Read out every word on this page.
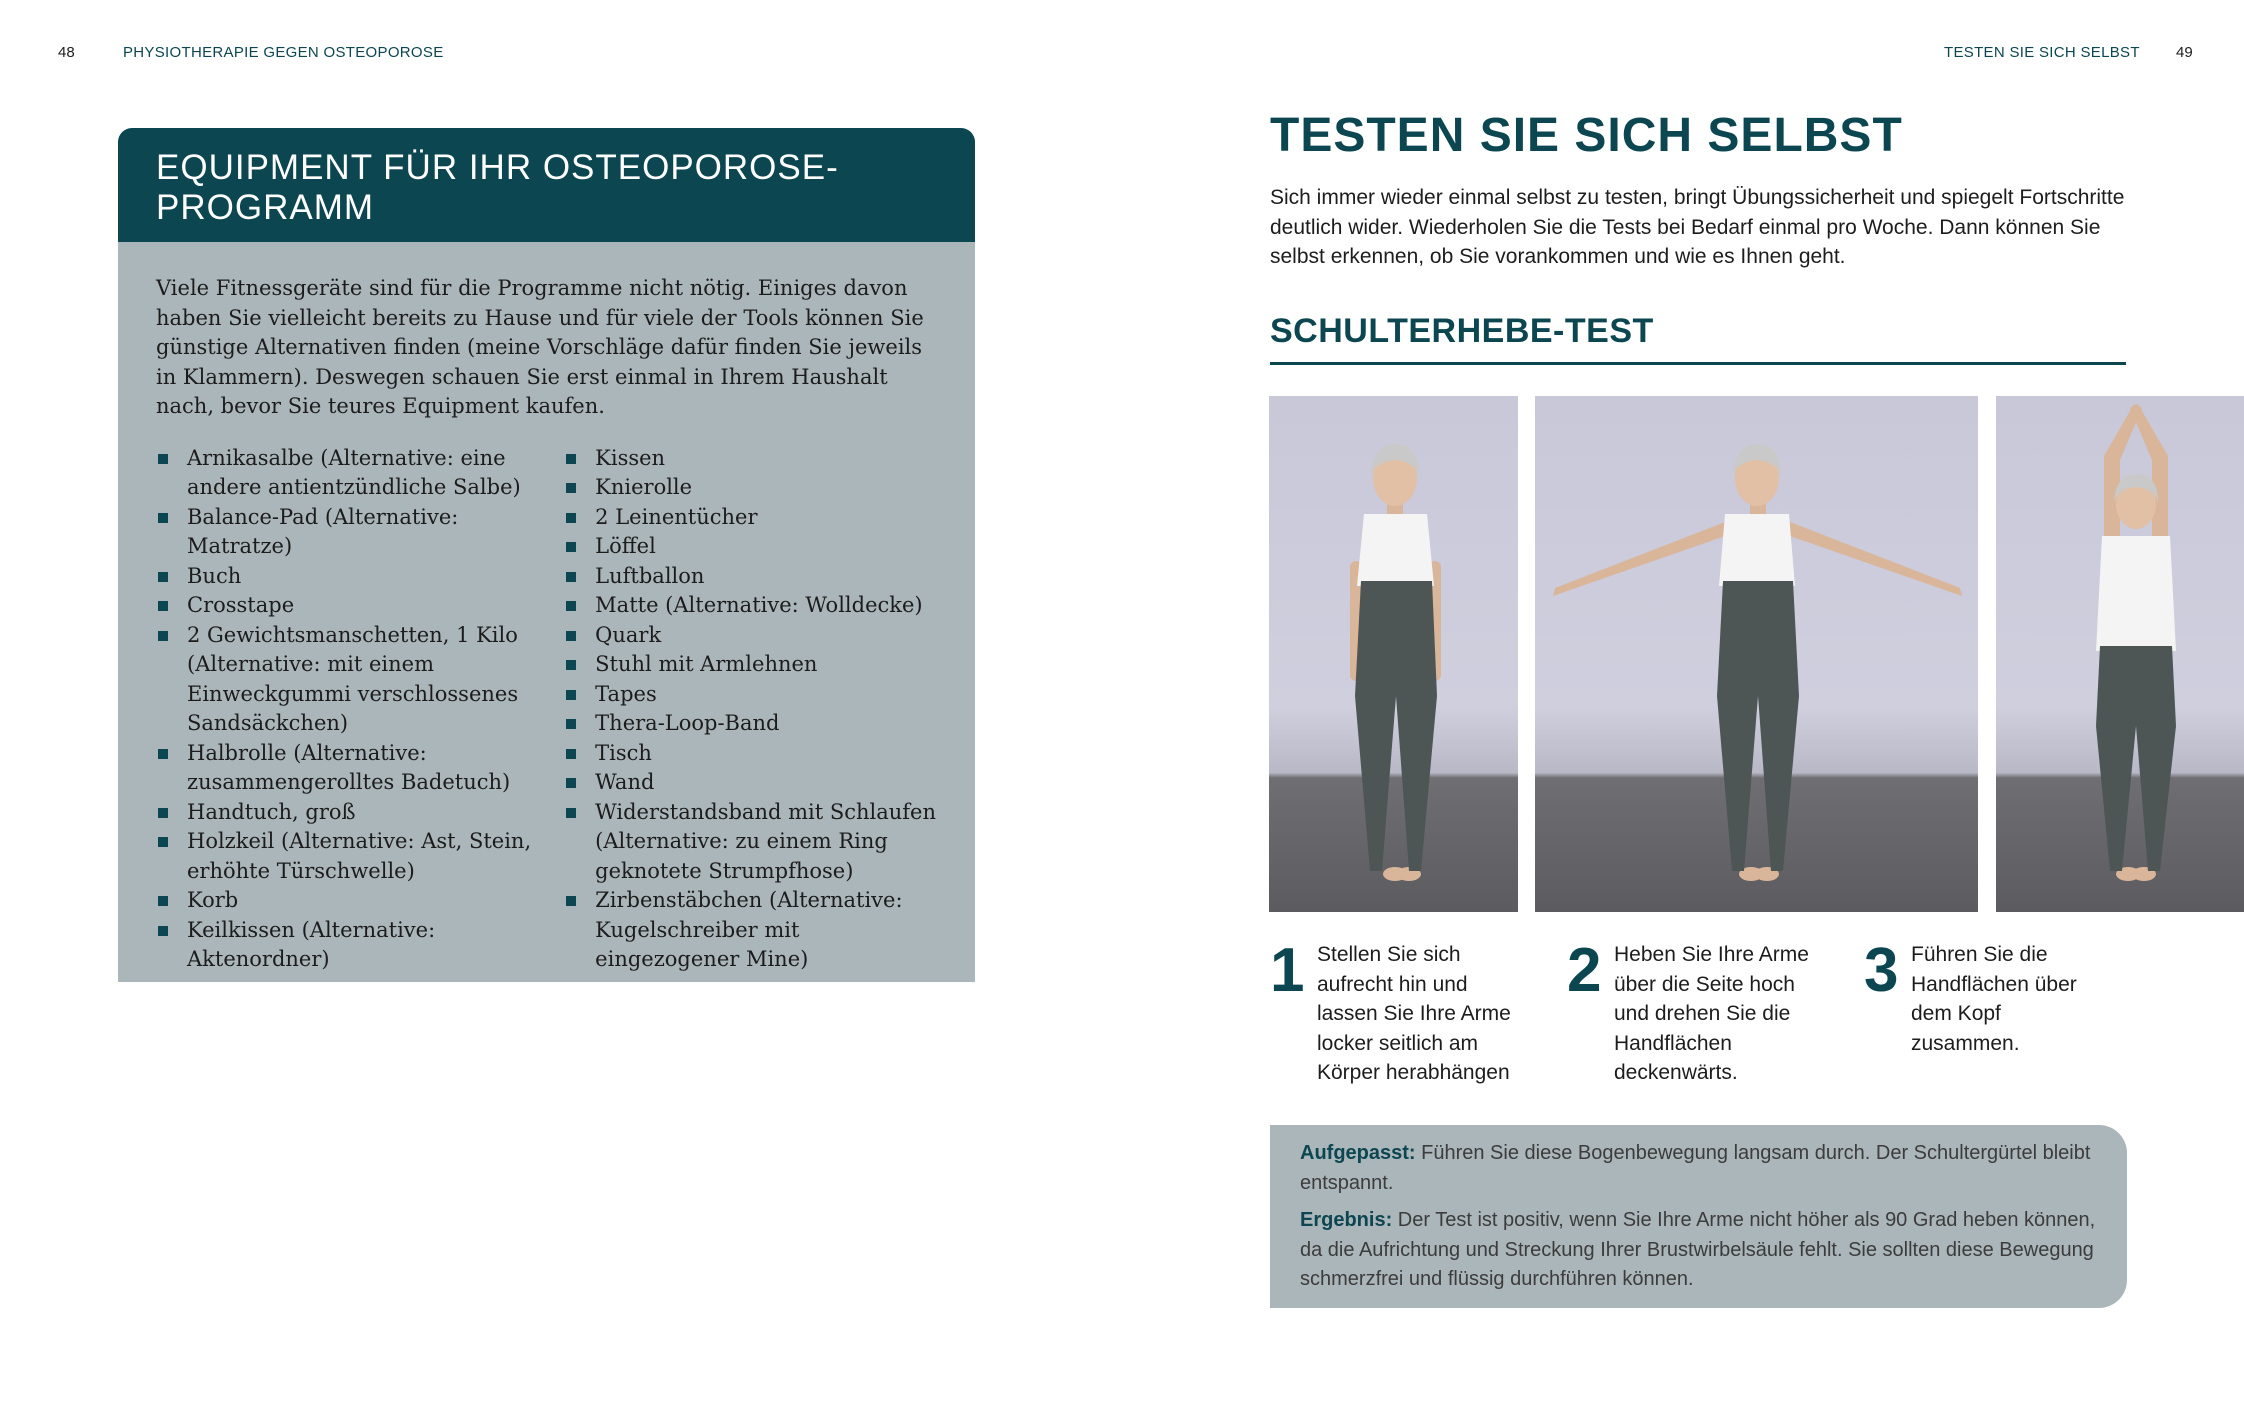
48	PHYSIOTHERAPIE GEGEN OSTEOPOROSE
EQUIPMENT FÜR IHR OSTEOPOROSE-
PROGRAMM

Viele Fitnessgeräte sind für die Programme nicht nötig. Einiges davon haben Sie vielleicht bereits zu Hause und für viele der Tools können Sie günstige Alternativen finden (meine Vorschläge dafür finden Sie jeweils in Klammern). Deswegen schauen Sie erst einmal in Ihrem Haushalt nach, bevor Sie teures Equipment kaufen.

Arnikasalbe (Alternative: eine andere antientzündliche Salbe)
Balance-Pad (Alternative: Matratze)
Buch
Crosstape
2 Gewichtsmanschetten, 1 Kilo (Alternative: mit einem Einweckgummi verschlossenes Sandsäckchen)
Halbrolle (Alternative: zusammengerolltes Badetuch)
Handtuch, groß
Holzkeil (Alternative: Ast, Stein, erhöhte Türschwelle)
Korb
Keilkissen (Alternative: Aktenordner)
Kissen
Knierolle
2 Leinentücher
Löffel
Luftballon
Matte (Alternative: Wolldecke)
Quark
Stuhl mit Armlehnen
Tapes
Thera-Loop-Band
Tisch
Wand
Widerstandsband mit Schlaufen (Alternative: zu einem Ring geknotete Strumpfhose)
Zirbenstäbchen (Alternative: Kugelschreiber mit eingezogener Mine)
TESTEN SIE SICH SELBST 49
TESTEN SIE SICH SELBST

Sich immer wieder einmal selbst zu testen, bringt Übungssicherheit und spiegelt Fortschritte deutlich wider. Wiederholen Sie die Tests bei Bedarf einmal pro Woche. Dann können Sie selbst erkennen, ob Sie vorankommen und wie es Ihnen geht.

SCHULTERHEBE-TEST
1 Stellen Sie sich aufrecht hin und lassen Sie Ihre Arme locker seitlich am Körper herabhängen
2 Heben Sie Ihre Arme über die Seite hoch und drehen Sie die Handflächen deckenwärts.
3 Führen Sie die Handflächen über dem Kopf zusammen.

Aufgepasst: Führen Sie diese Bogenbewegung langsam durch. Der Schultergürtel bleibt entspannt.

Ergebnis: Der Test ist positiv, wenn Sie Ihre Arme nicht höher als 90 Grad heben können, da die Aufrichtung und Streckung Ihrer Brustwirbelsäule fehlt. Sie sollten diese Bewegung schmerzfrei und flüssig durchführen können.
